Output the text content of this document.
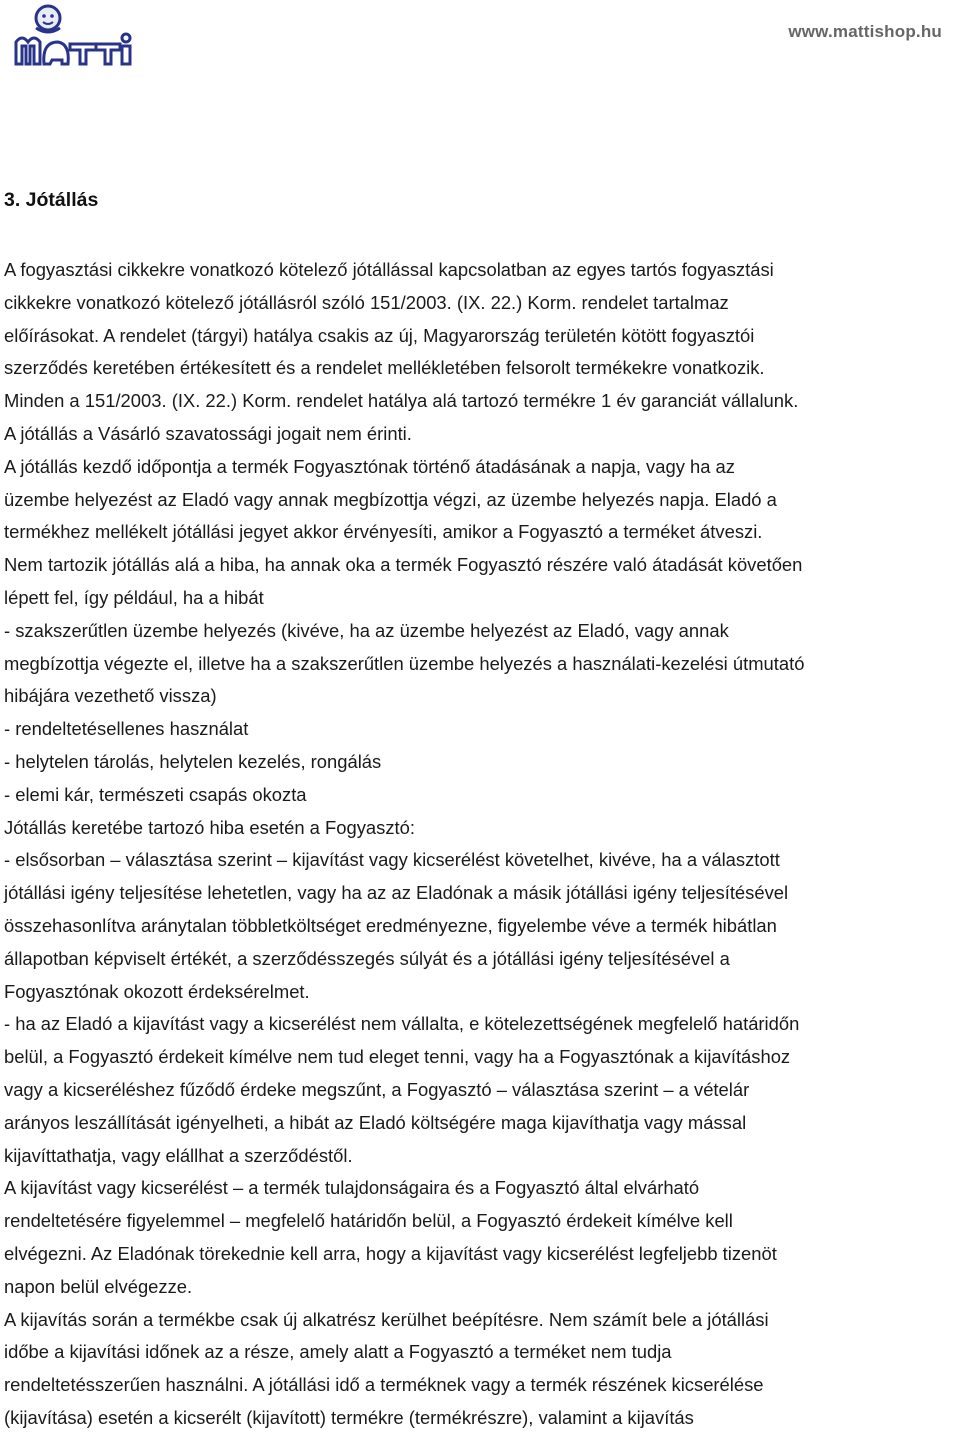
www.mattishop.hu
3. Jótállás
A fogyasztási cikkekre vonatkozó kötelező jótállással kapcsolatban az egyes tartós fogyasztási
cikkekre vonatkozó kötelező jótállásról szóló 151/2003. (IX. 22.) Korm. rendelet tartalmaz
előírásokat. A rendelet (tárgyi) hatálya csakis az új, Magyarország területén kötött fogyasztói
szerződés keretében értékesített és a rendelet mellékletében felsorolt termékekre vonatkozik.
Minden a 151/2003. (IX. 22.) Korm. rendelet hatálya alá tartozó termékre 1 év garanciát vállalunk.
A jótállás a Vásárló szavatossági jogait nem érinti.
A jótállás kezdő időpontja a termék Fogyasztónak történő átadásának a napja, vagy ha az
üzembe helyezést az Eladó vagy annak megbízottja végzi, az üzembe helyezés napja. Eladó a
termékhez mellékelt jótállási jegyet akkor érvényesíti, amikor a Fogyasztó a terméket átveszi.
Nem tartozik jótállás alá a hiba, ha annak oka a termék Fogyasztó részére való átadását követően
lépett fel, így például, ha a hibát
- szakszerűtlen üzembe helyezés (kivéve, ha az üzembe helyezést az Eladó, vagy annak
megbízottja végezte el, illetve ha a szakszerűtlen üzembe helyezés a használati-kezelési útmutató
hibájára vezethető vissza)
- rendeltetésellenes használat
- helytelen tárolás, helytelen kezelés, rongálás
- elemi kár, természeti csapás okozta
Jótállás keretébe tartozó hiba esetén a Fogyasztó:
- elsősorban – választása szerint – kijavítást vagy kicserélést követelhet, kivéve, ha a választott
jótállási igény teljesítése lehetetlen, vagy ha az az Eladónak a másik jótállási igény teljesítésével
összehasonlítva aránytalan többletköltséget eredményezne, figyelembe véve a termék hibátlan
állapotban képviselt értékét, a szerződésszegés súlyát és a jótállási igény teljesítésével a
Fogyasztónak okozott érdeksérelmet.
- ha az Eladó a kijavítást vagy a kicserélést nem vállalta, e kötelezettségének megfelelő határidőn
belül, a Fogyasztó érdekeit kímélve nem tud eleget tenni, vagy ha a Fogyasztónak a kijavításhoz
vagy a kicseréléshez fűződő érdeke megszűnt, a Fogyasztó – választása szerint – a vételár
arányos leszállítását igényelheti, a hibát az Eladó költségére maga kijavíthatja vagy mással
kijavíttathatja, vagy elállhat a szerződéstől.
A kijavítást vagy kicserélést – a termék tulajdonságaira és a Fogyasztó által elvárható
rendeltetésére figyelemmel – megfelelő határidőn belül, a Fogyasztó érdekeit kímélve kell
elvégezni. Az Eladónak törekednie kell arra, hogy a kijavítást vagy kicserélést legfeljebb tizenöt
napon belül elvégezze.
A kijavítás során a termékbe csak új alkatrész kerülhet beépítésre. Nem számít bele a jótállási
időbe a kijavítási időnek az a része, amely alatt a Fogyasztó a terméket nem tudja
rendeltetésszerűen használni. A jótállási idő a terméknek vagy a termék részének kicserélése
(kijavítása) esetén a kicserélt (kijavított) termékre (termékrészre), valamint a kijavítás
